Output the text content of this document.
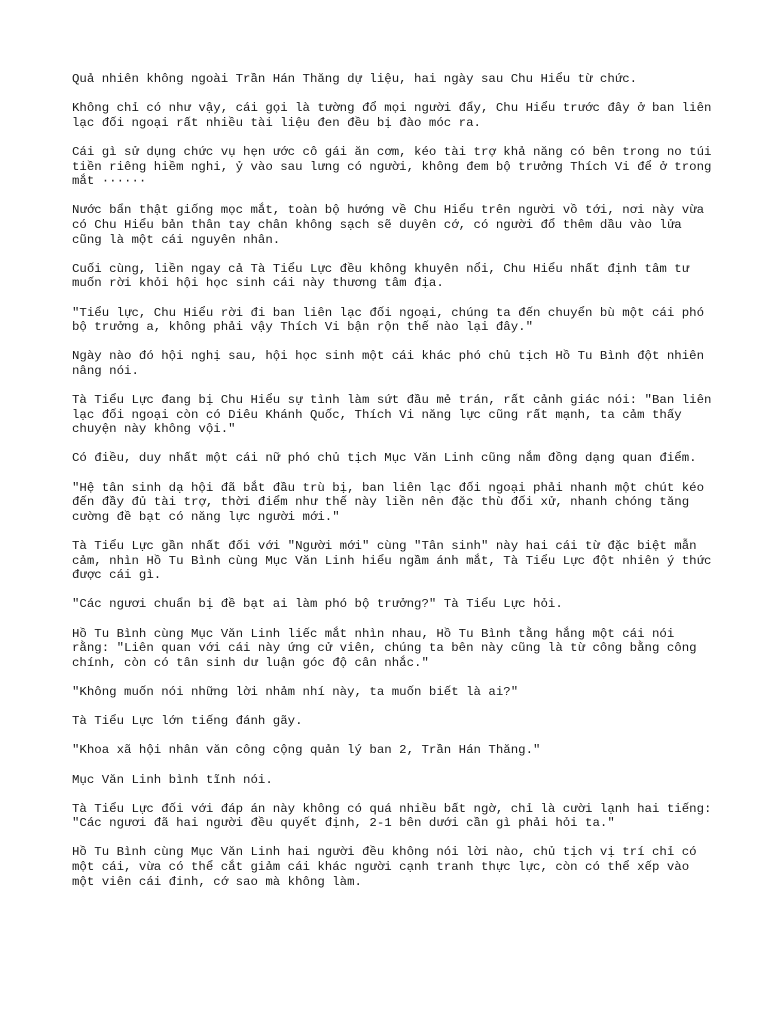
Quả nhiên không ngoài Trần Hán Thăng dự liệu, hai ngày sau Chu Hiểu từ chức.

Không chỉ có như vậy, cái gọi là tường đổ mọi người đẩy, Chu Hiểu trước đây ở ban liên lạc đối ngoại rất nhiều tài liệu đen đều bị đào móc ra.

Cái gì sử dụng chức vụ hẹn ước cô gái ăn cơm, kéo tài trợ khả năng có bên trong no túi tiền riêng hiềm nghi, ỷ vào sau lưng có người, không đem bộ trưởng Thích Vi để ở trong mắt ······

Nước bẩn thật giống mọc mắt, toàn bộ hướng về Chu Hiểu trên người vồ tới, nơi này vừa có Chu Hiểu bản thân tay chân không sạch sẽ duyên cớ, có người đổ thêm dầu vào lửa cũng là một cái nguyên nhân.

Cuối cùng, liền ngay cả Tà Tiểu Lực đều không khuyên nổi, Chu Hiểu nhất định tâm tư muốn rời khỏi hội học sinh cái này thương tâm địa.

"Tiểu lực, Chu Hiểu rời đi ban liên lạc đối ngoại, chúng ta đến chuyển bù một cái phó bộ trưởng a, không phải vậy Thích Vi bận rộn thế nào lại đây."

Ngày nào đó hội nghị sau, hội học sinh một cái khác phó chủ tịch Hồ Tu Bình đột nhiên nâng nói.

Tà Tiểu Lực đang bị Chu Hiểu sự tình làm sứt đầu mẻ trán, rất cảnh giác nói: "Ban liên lạc đối ngoại còn có Diêu Khánh Quốc, Thích Vi năng lực cũng rất mạnh, ta cảm thấy chuyện này không vội."

Có điều, duy nhất một cái nữ phó chủ tịch Mục Văn Linh cũng nắm đồng dạng quan điểm.

"Hệ tân sinh dạ hội đã bắt đầu trù bị, ban liên lạc đối ngoại phải nhanh một chút kéo đến đầy đủ tài trợ, thời điểm như thế này liền nên đặc thù đối xử, nhanh chóng tăng cường đề bạt có năng lực người mới."

Tà Tiểu Lực gần nhất đối với "Người mới" cùng "Tân sinh" này hai cái từ đặc biệt mẫn cảm, nhìn Hồ Tu Bình cùng Mục Văn Linh hiểu ngầm ánh mắt, Tà Tiểu Lực đột nhiên ý thức được cái gì.

"Các ngươi chuẩn bị đề bạt ai làm phó bộ trưởng?" Tà Tiểu Lực hỏi.

Hồ Tu Bình cùng Mục Văn Linh liếc mắt nhìn nhau, Hồ Tu Bình tằng hắng một cái nói rằng: "Liên quan với cái này ứng cử viên, chúng ta bên này cũng là từ công bằng công chính, còn có tân sinh dư luận góc độ cân nhắc."

"Không muốn nói những lời nhảm nhí này, ta muốn biết là ai?"

Tà Tiểu Lực lớn tiếng đánh gãy.

"Khoa xã hội nhân văn công cộng quản lý ban 2, Trần Hán Thăng."

Mục Văn Linh bình tĩnh nói.

Tà Tiểu Lực đối với đáp án này không có quá nhiều bất ngờ, chỉ là cười lạnh hai tiếng: "Các ngươi đã hai người đều quyết định, 2-1 bên dưới cần gì phải hỏi ta."

Hồ Tu Bình cùng Mục Văn Linh hai người đều không nói lời nào, chủ tịch vị trí chỉ có một cái, vừa có thể cắt giảm cái khác người cạnh tranh thực lực, còn có thể xếp vào một viên cái đinh, cớ sao mà không làm.
